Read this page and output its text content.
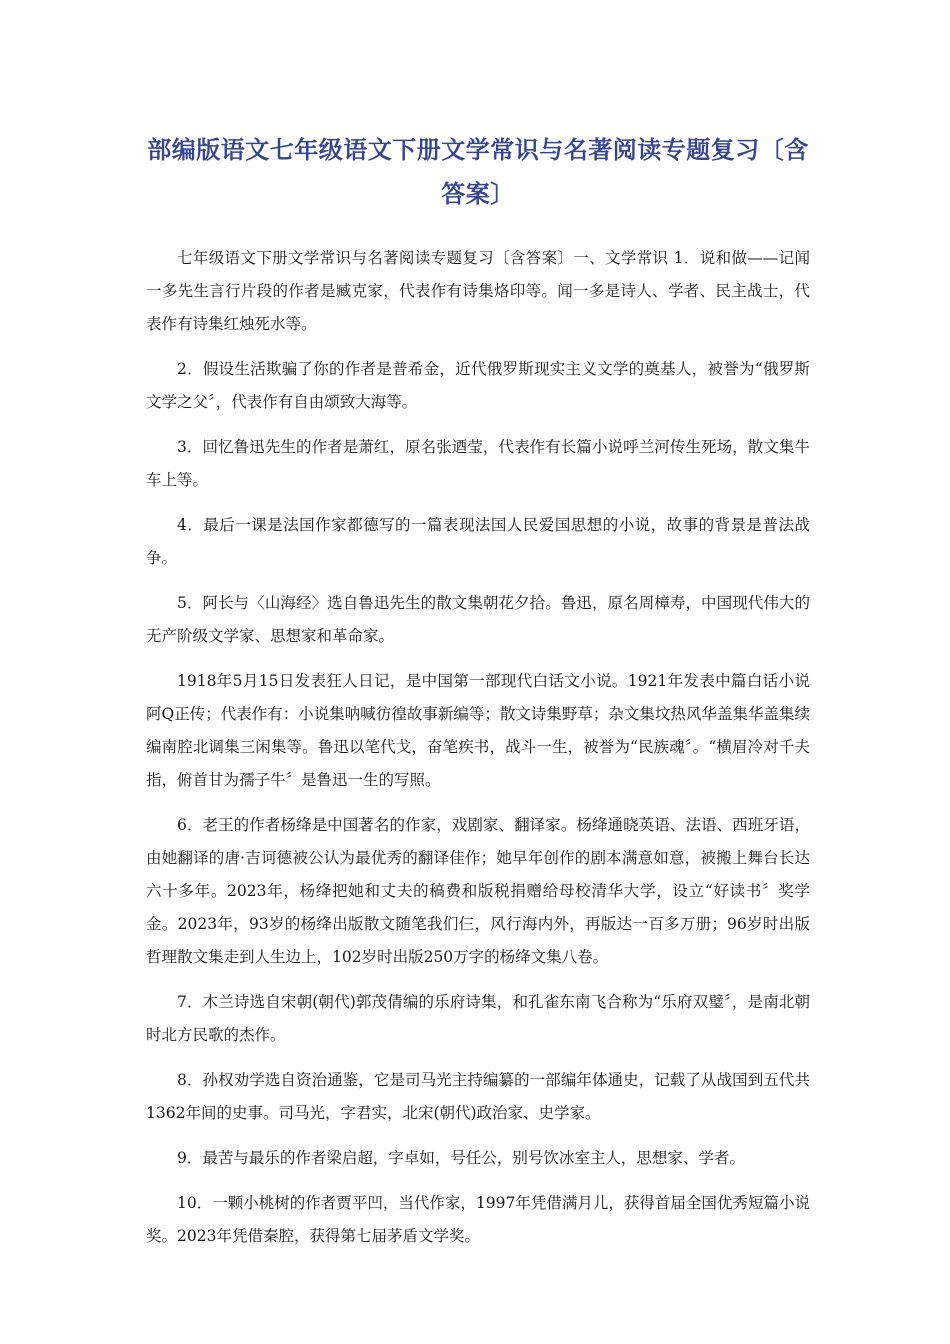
部编版语文七年级语文下册文学常识与名著阅读专题复习〔含答案〕

七年级语文下册文学常识与名著阅读专题复习〔含答案〕一、文学常识 1．说和做——记闻一多先生言行片段的作者是臧克家，代表作有诗集烙印等。闻一多是诗人、学者、民主战士，代表作有诗集红烛死水等。

2．假设生活欺骗了你的作者是普希金，近代俄罗斯现实主义文学的奠基人，被誉为“俄罗斯文学之父〞，代表作有自由颂致大海等。

3．回忆鲁迅先生的作者是萧红，原名张迺莹，代表作有长篇小说呼兰河传生死场，散文集牛车上等。

4．最后一课是法国作家都德写的一篇表现法国人民爱国思想的小说，故事的背景是普法战争。

5．阿长与〈山海经〉选自鲁迅先生的散文集朝花夕拾。鲁迅，原名周樟寿，中国现代伟大的无产阶级文学家、思想家和革命家。

1918年5月15日发表狂人日记，是中国第一部现代白话文小说。1921年发表中篇白话小说阿Q正传；代表作有：小说集呐喊彷徨故事新编等；散文诗集野草；杂文集坟热风华盖集华盖集续编南腔北调集三闲集等。鲁迅以笔代戈，奋笔疾书，战斗一生，被誉为“民族魂〞。“横眉冷对千夫指，俯首甘为孺子牛〞是鲁迅一生的写照。

6．老王的作者杨绛是中国著名的作家，戏剧家、翻译家。杨绛通晓英语、法语、西班牙语，由她翻译的唐·吉诃德被公认为最优秀的翻译佳作；她早年创作的剧本满意如意，被搬上舞台长达六十多年。2023年，杨绛把她和丈夫的稿费和版税捐赠给母校清华大学，设立“好读书〞奖学金。2023年，93岁的杨绛出版散文随笔我们仨，风行海内外，再版达一百多万册；96岁时出版哲理散文集走到人生边上，102岁时出版250万字的杨绛文集八卷。

7．木兰诗选自宋朝(朝代)郭茂倩编的乐府诗集，和孔雀东南飞合称为“乐府双璧〞，是南北朝时北方民歌的杰作。

8．孙权劝学选自资治通鉴，它是司马光主持编纂的一部编年体通史，记载了从战国到五代共1362年间的史事。司马光，字君实，北宋(朝代)政治家、史学家。

9．最苦与最乐的作者梁启超，字卓如，号任公，别号饮冰室主人，思想家、学者。

10．一颗小桃树的作者贾平凹，当代作家，1997年凭借满月儿，获得首届全国优秀短篇小说奖。2023年凭借秦腔，获得第七届茅盾文学奖。
